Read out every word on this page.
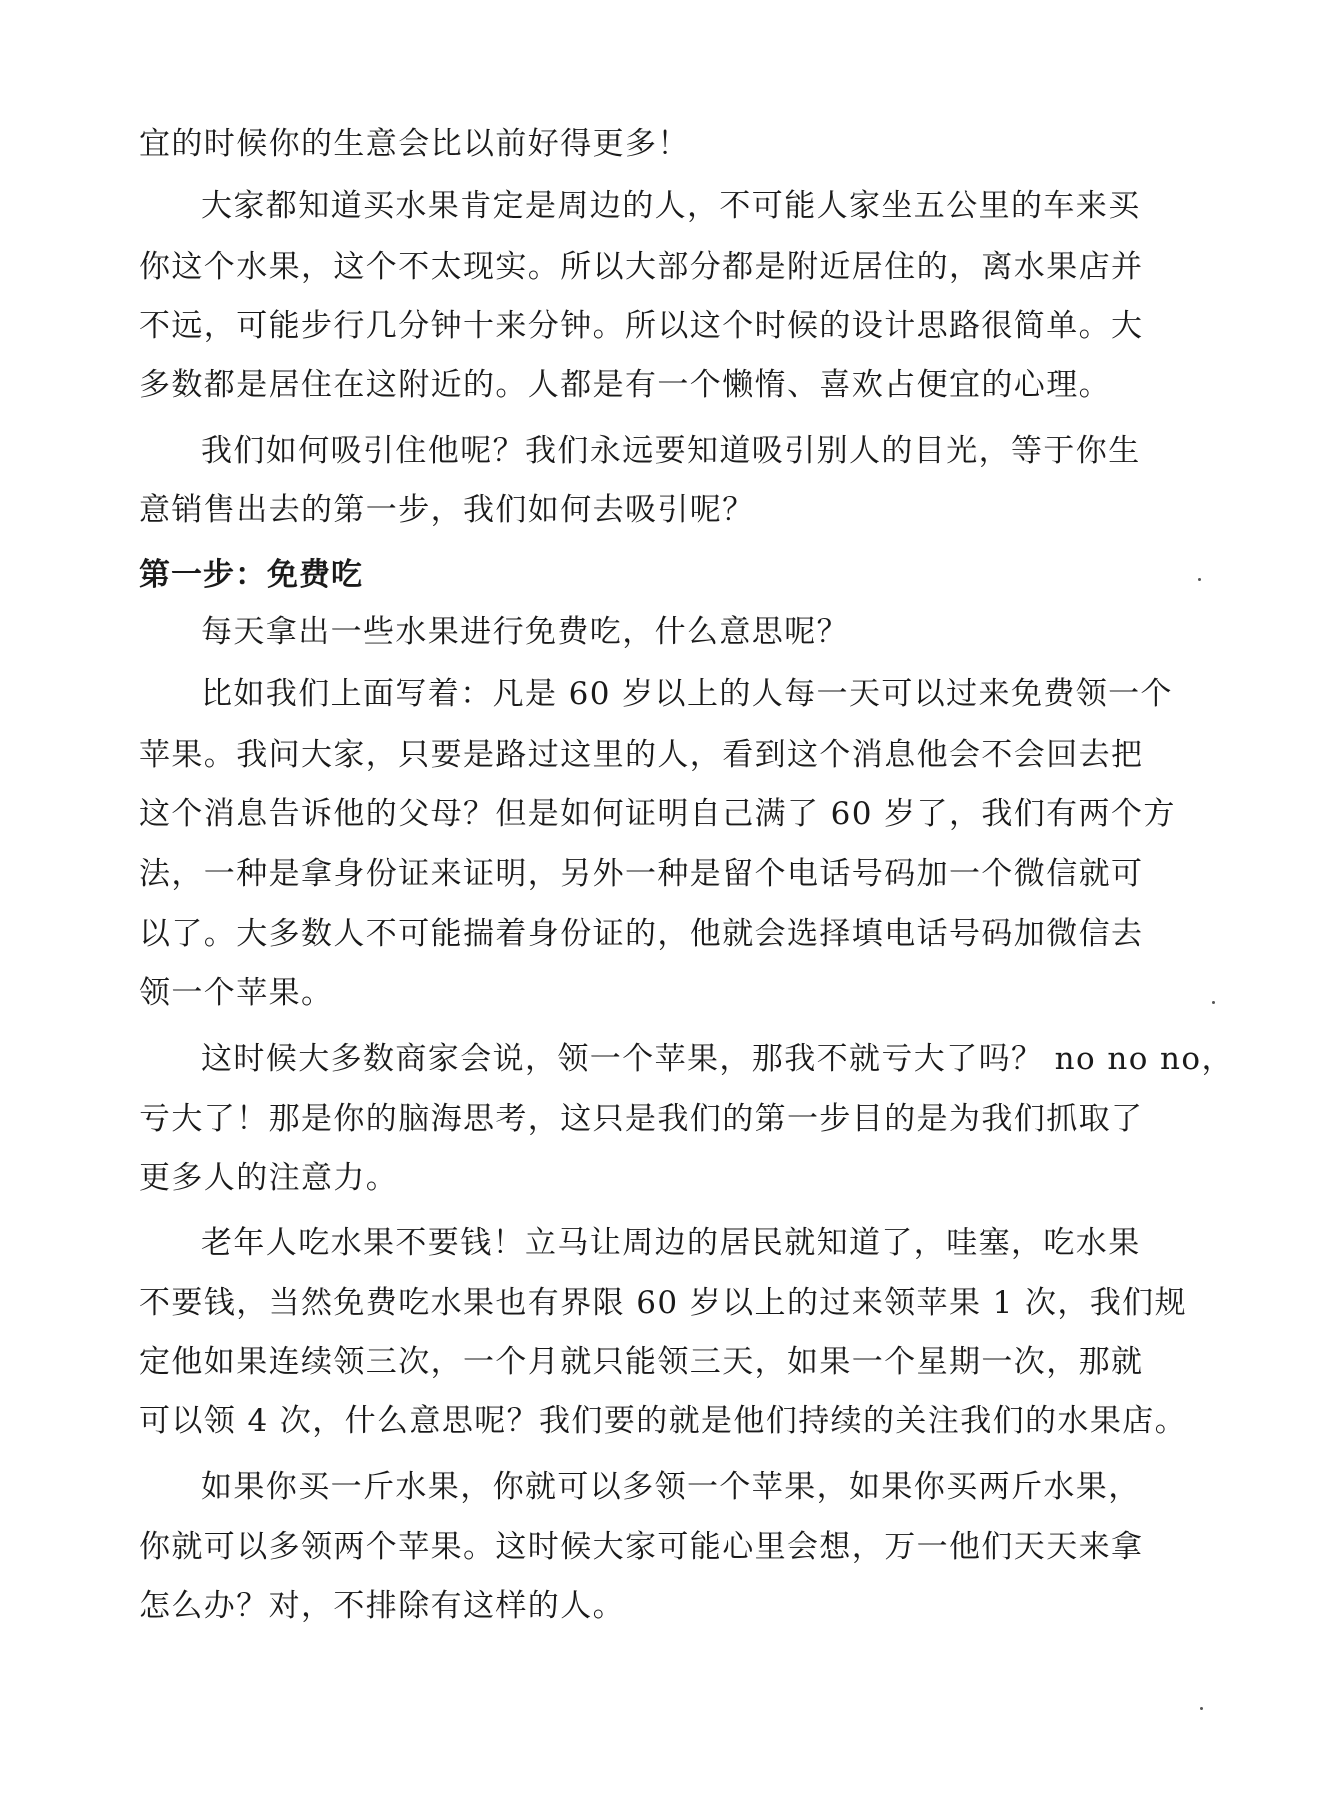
宜的时候你的生意会比以前好得更多！

大家都知道买水果肯定是周边的人，不可能人家坐五公里的车来买

你这个水果，这个不太现实。所以大部分都是附近居住的，离水果店并

不远，可能步行几分钟十来分钟。所以这个时候的设计思路很简单。大

多数都是居住在这附近的。人都是有一个懒惰、喜欢占便宜的心理。

我们如何吸引住他呢？我们永远要知道吸引别人的目光，等于你生

意销售出去的第一步，我们如何去吸引呢？

第一步：免费吃

每天拿出一些水果进行免费吃，什么意思呢？

比如我们上面写着：凡是 60 岁以上的人每一天可以过来免费领一个

苹果。我问大家，只要是路过这里的人，看到这个消息他会不会回去把

这个消息告诉他的父母？但是如何证明自己满了 60 岁了，我们有两个方

法，一种是拿身份证来证明，另外一种是留个电话号码加一个微信就可

以了。大多数人不可能揣着身份证的，他就会选择填电话号码加微信去

领一个苹果。

这时候大多数商家会说，领一个苹果，那我不就亏大了吗？ no no no，

亏大了！那是你的脑海思考，这只是我们的第一步目的是为我们抓取了

更多人的注意力。

老年人吃水果不要钱！立马让周边的居民就知道了，哇塞，吃水果

不要钱，当然免费吃水果也有界限 60 岁以上的过来领苹果 1 次，我们规

定他如果连续领三次，一个月就只能领三天，如果一个星期一次，那就

可以领 4 次，什么意思呢？我们要的就是他们持续的关注我们的水果店。

如果你买一斤水果，你就可以多领一个苹果，如果你买两斤水果，

你就可以多领两个苹果。这时候大家可能心里会想，万一他们天天来拿

怎么办？对，不排除有这样的人。
